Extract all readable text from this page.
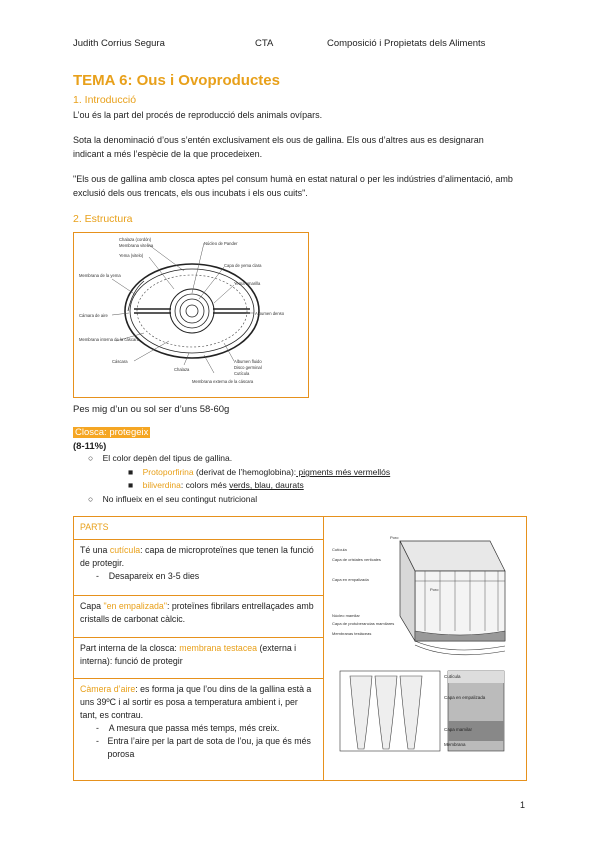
Judith Corrius Segura	CTA	Composició i Propietats dels Aliments
TEMA 6: Ous i Ovoproductes
1. Introducció
L’ou és la part del procés de reproducció dels animals ovípars.
Sota la denominació d’ous s’entén exclusivament els ous de gallina. Els ous d’altres aus es designaran indicant a més l’espècie de la que procedeixen.
"Els ous de gallina amb closca aptes pel consum humà en estat natural o per les indústries d’alimentació, amb exclusió dels ous trencats, els ous incubats i els ous cuits".
2. Estructura
Chalaza (cordón)
Membrana vitelina
Yema (vitelo)
Núcleo de Pander
Capa de yema clara
Yema amarilla
Membrana de la yema
Cámara de aire	Albumen denso
Membrana interna de la cáscara
Cáscara
Chalaza
Membrana externa de la cáscara
Albumen fluido
Disco germinal
Cutícula
Pes mig d’un ou sol ser d’uns 58-60g
Closca: protegeix
(8-11%)
○    El color depèn del tipus de gallina.
■    Protoporfirina (derivat de l’hemoglobina): pigments més vermellós
■    biliverdina: colors més verds, blau, daurats
○    No influeix en el seu contingut nutricional
PARTS	
Poro
Cutícula
Capa de cristales verticales
Capa en empalizada
Poro
Núcleo mamilar
Capa de protuberancias mamilares
Membranas testáceas
Cutícula
Capa en empalizada
Capa mamilar
Membrana

Té una cutícula: capa de microproteïnes que tenen la funció de protegir.
-    Desapareix en 3-5 dies

Capa "en empalizada": proteïnes fibrilars entrellaçades amb cristalls de carbonat càlcic.
Part interna de la closca: membrana testacea (externa i interna): funció de protegir
Càmera d’aire: es forma ja que l’ou dins de la gallina està a uns 39ºC i al sortir es posa a temperatura ambient i, per tant, es contrau.
-    A mesura que passa més temps, més creix.
-
Entra l’aire per la part de sota de l’ou, ja que és més porosa
1
